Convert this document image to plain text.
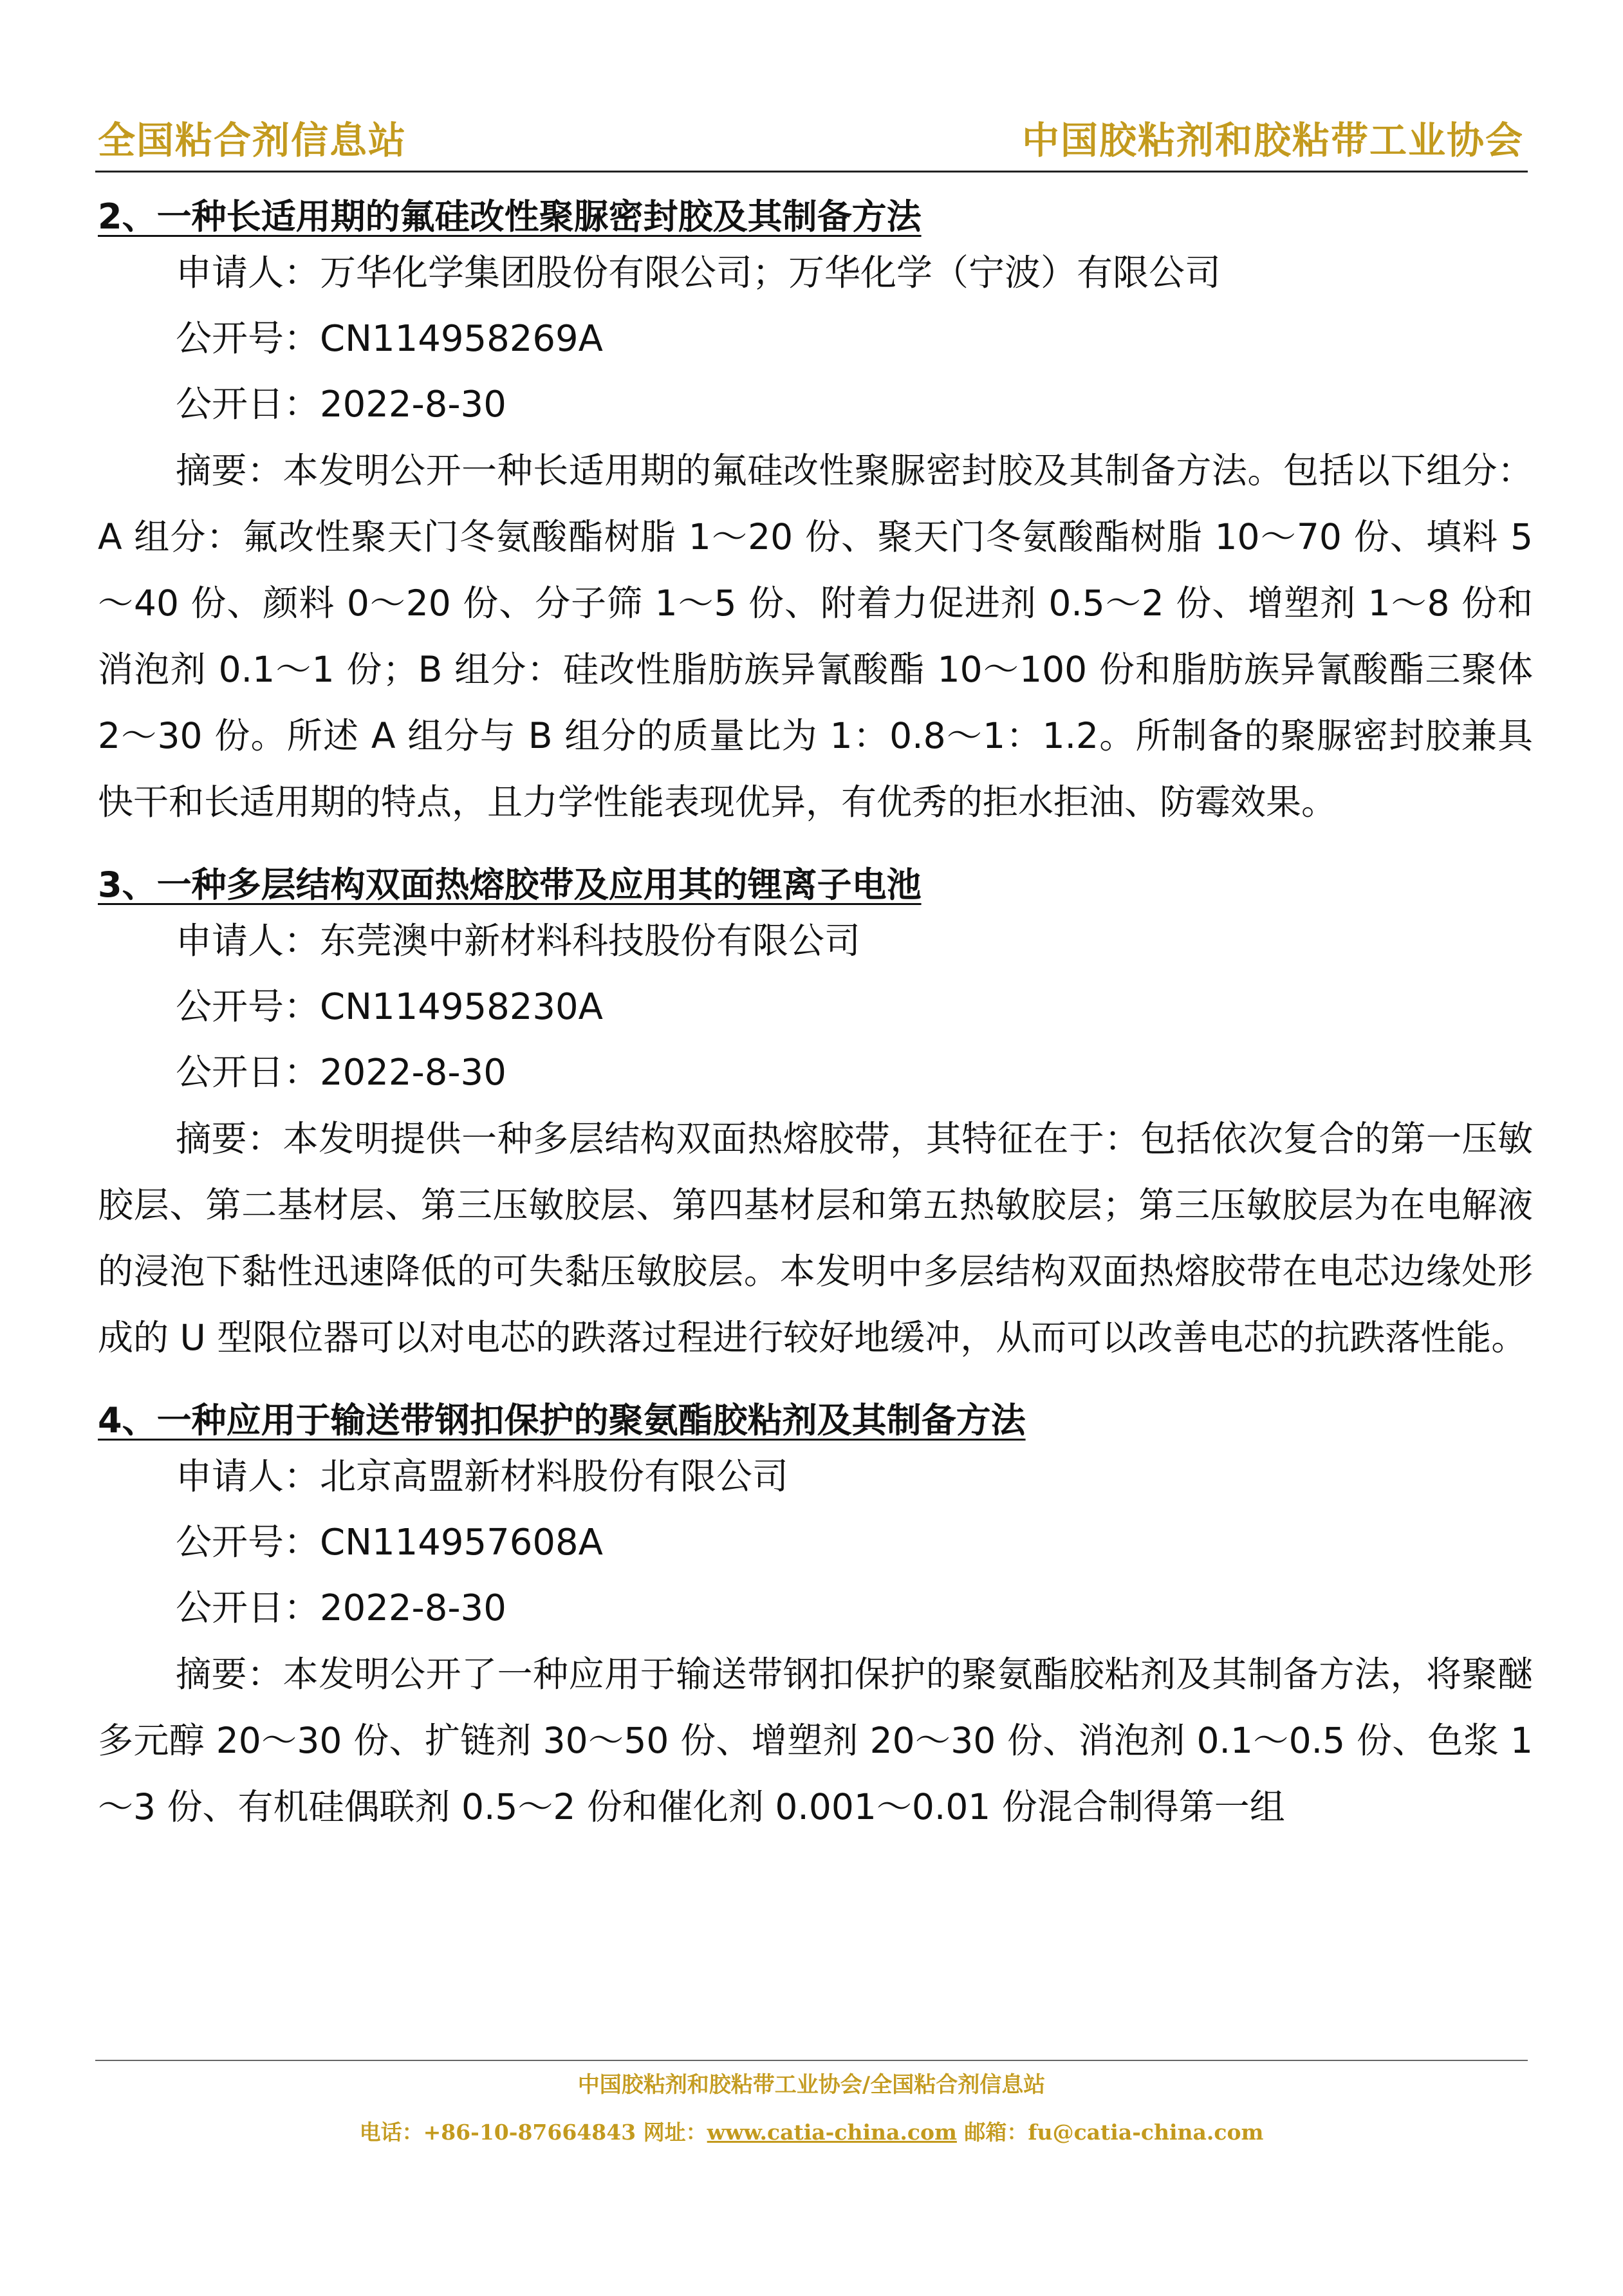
全国粘合剂信息站	中国胶粘剂和胶粘带工业协会
2、一种长适用期的氟硅改性聚脲密封胶及其制备方法
申请人：万华化学集团股份有限公司；万华化学（宁波）有限公司
公开号：CN114958269A
公开日：2022-8-30

摘要：本发明公开一种长适用期的氟硅改性聚脲密封胶及其制备方法。包括以下组分：A 组分：氟改性聚天门冬氨酸酯树脂 1～20 份、聚天门冬氨酸酯树脂 10～70 份、填料 5～40 份、颜料 0～20 份、分子筛 1～5 份、附着力促进剂 0.5～2 份、增塑剂 1～8 份和消泡剂 0.1～1 份；B 组分：硅改性脂肪族异氰酸酯 10～100 份和脂肪族异氰酸酯三聚体 2～30 份。所述 A 组分与 B 组分的质量比为 1：0.8～1：1.2。所制备的聚脲密封胶兼具快干和长适用期的特点，且力学性能表现优异，有优秀的拒水拒油、防霉效果。

3、一种多层结构双面热熔胶带及应用其的锂离子电池
申请人：东莞澳中新材料科技股份有限公司
公开号：CN114958230A
公开日：2022-8-30

摘要：本发明提供一种多层结构双面热熔胶带，其特征在于：包括依次复合的第一压敏胶层、第二基材层、第三压敏胶层、第四基材层和第五热敏胶层；第三压敏胶层为在电解液的浸泡下黏性迅速降低的可失黏压敏胶层。本发明中多层结构双面热熔胶带在电芯边缘处形成的 U 型限位器可以对电芯的跌落过程进行较好地缓冲，从而可以改善电芯的抗跌落性能。

4、一种应用于输送带钢扣保护的聚氨酯胶粘剂及其制备方法
申请人：北京高盟新材料股份有限公司
公开号：CN114957608A
公开日：2022-8-30

摘要：本发明公开了一种应用于输送带钢扣保护的聚氨酯胶粘剂及其制备方法，将聚醚多元醇 20～30 份、扩链剂 30～50 份、增塑剂 20～30 份、消泡剂 0.1～0.5 份、色浆 1～3 份、有机硅偶联剂 0.5～2 份和催化剂 0.001～0.01 份混合制得第一组

中国胶粘剂和胶粘带工业协会/全国粘合剂信息站
电话：+86-10-87664843 网址：www.catia-china.com 邮箱：fu@catia-china.com
